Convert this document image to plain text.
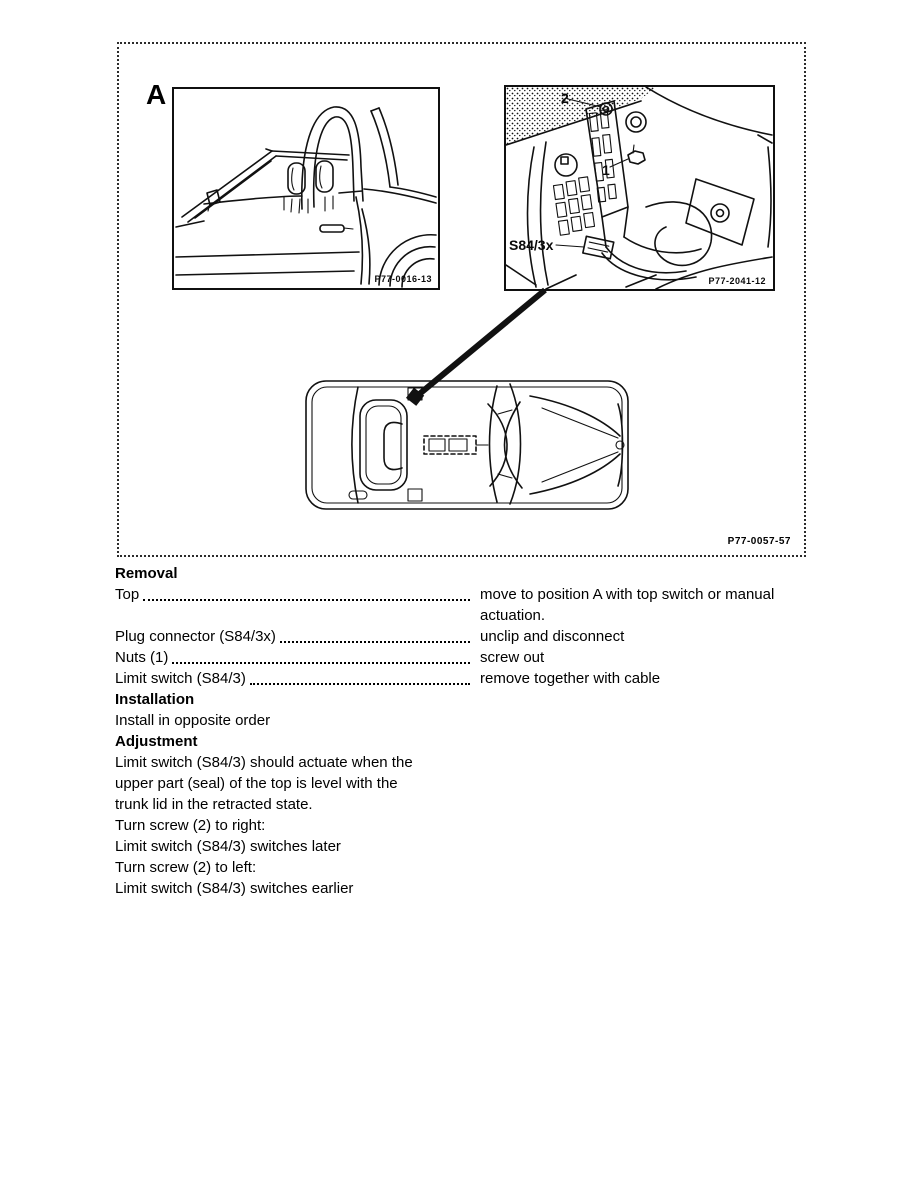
A
P77-0016-13
2
1
S84/3x
P77-2041-12
P77-0057-57
Removal
Top	move to position A with top switch or manual
actuation.
Plug connector (S84/3x)	unclip and disconnect
Nuts (1)	screw out
Limit switch (S84/3)	remove together with cable
Installation
Install in opposite order
Adjustment
Limit switch (S84/3) should actuate when the
upper part (seal) of the top is level with the
trunk lid in the retracted state.
Turn screw (2) to right:
Limit switch (S84/3) switches later
Turn screw (2) to left:
Limit switch (S84/3) switches earlier
